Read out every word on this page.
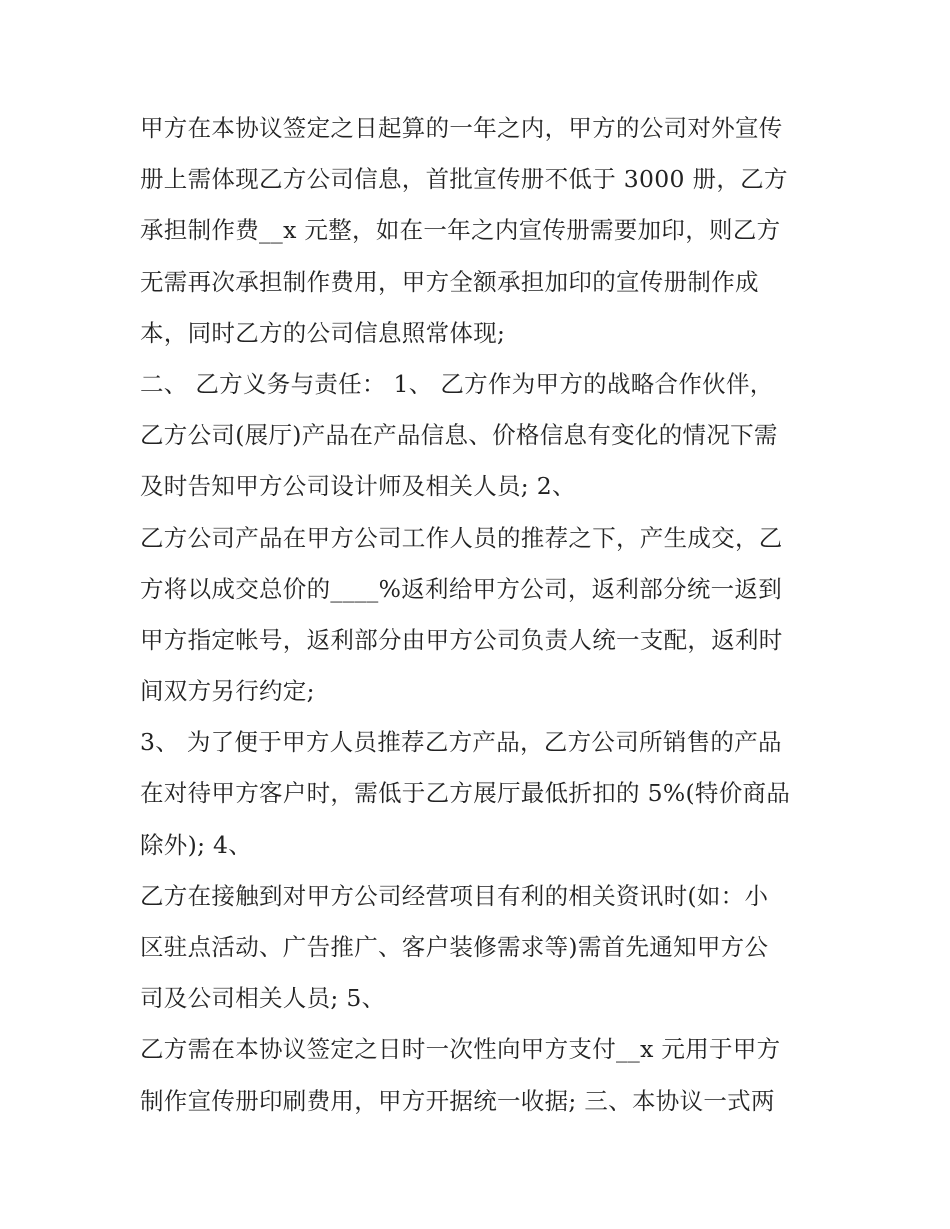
甲方在本协议签定之日起算的一年之内，甲方的公司对外宣传
册上需体现乙方公司信息，首批宣传册不低于 3000 册，乙方
承担制作费__x 元整，如在一年之内宣传册需要加印，则乙方
无需再次承担制作费用，甲方全额承担加印的宣传册制作成
本，同时乙方的公司信息照常体现;
二、 乙方义务与责任： 1、 乙方作为甲方的战略合作伙伴，
乙方公司(展厅)产品在产品信息、价格信息有变化的情况下需
及时告知甲方公司设计师及相关人员; 2、
乙方公司产品在甲方公司工作人员的推荐之下，产生成交，乙
方将以成交总价的____%返利给甲方公司，返利部分统一返到
甲方指定帐号，返利部分由甲方公司负责人统一支配，返利时
间双方另行约定;
3、 为了便于甲方人员推荐乙方产品，乙方公司所销售的产品
在对待甲方客户时，需低于乙方展厅最低折扣的 5%(特价商品
除外); 4、
乙方在接触到对甲方公司经营项目有利的相关资讯时(如：小
区驻点活动、广告推广、客户装修需求等)需首先通知甲方公
司及公司相关人员; 5、
乙方需在本协议签定之日时一次性向甲方支付__x 元用于甲方
制作宣传册印刷费用，甲方开据统一收据; 三、本协议一式两
